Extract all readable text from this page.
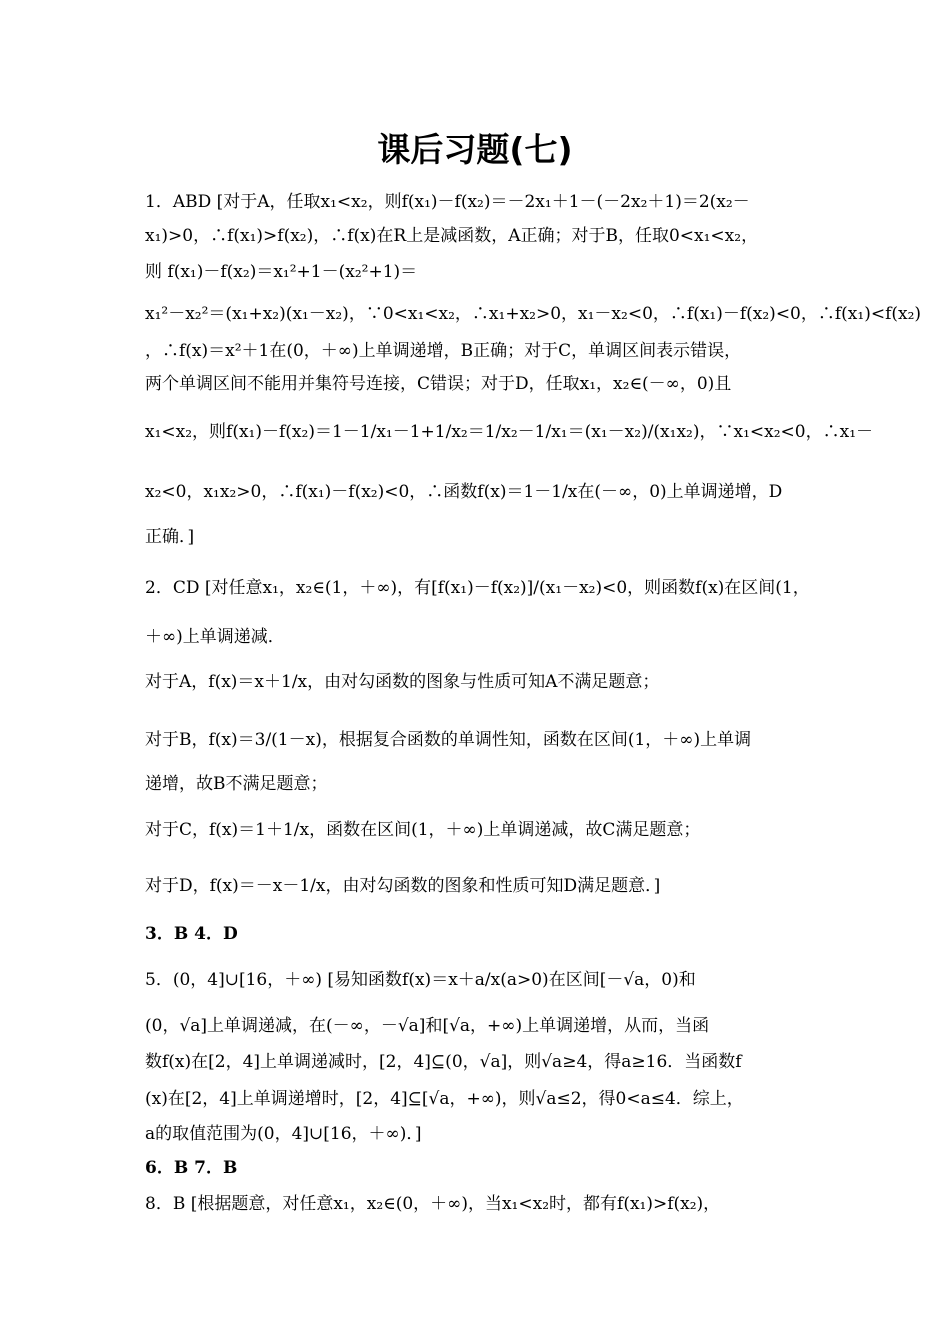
课后习题(七)
1．ABD [对于A，任取x₁<x₂，则f(x₁)－f(x₂)＝－2x₁＋1－(－2x₂＋1)＝2(x₂－
x₁)>0，∴f(x₁)>f(x₂)，∴f(x)在R上是减函数，A正确；对于B，任取0<x₁<x₂，
则 f(x₁)－f(x₂)＝x₁²+1－(x₂²+1)＝
x₁²－x₂²＝(x₁+x₂)(x₁－x₂)，∵0<x₁<x₂，∴x₁+x₂>0，x₁－x₂<0，∴f(x₁)－f(x₂)<0，∴f(x₁)<f(x₂)
，∴f(x)＝x²＋1在(0，＋∞)上单调递增，B正确；对于C，单调区间表示错误，
两个单调区间不能用并集符号连接，C错误；对于D，任取x₁，x₂∈(－∞，0)且
x₁<x₂，则f(x₁)－f(x₂)＝1－1/x₁－1+1/x₂＝1/x₂－1/x₁＝(x₁－x₂)/(x₁x₂)，∵x₁<x₂<0，∴x₁－
x₂<0，x₁x₂>0，∴f(x₁)－f(x₂)<0，∴函数f(x)＝1－1/x在(－∞，0)上单调递增，D
正确．]
2．CD [对任意x₁，x₂∈(1，＋∞)，有[f(x₁)－f(x₂)]/(x₁－x₂)<0，则函数f(x)在区间(1，
＋∞)上单调递减．
对于A，f(x)＝x＋1/x，由对勾函数的图象与性质可知A不满足题意；
对于B，f(x)＝3/(1－x)，根据复合函数的单调性知，函数在区间(1，＋∞)上单调
递增，故B不满足题意；
对于C，f(x)＝1＋1/x，函数在区间(1，＋∞)上单调递减，故C满足题意；
对于D，f(x)＝－x－1/x，由对勾函数的图象和性质可知D满足题意．]
3．B 4．D
5．(0，4]∪[16，＋∞) [易知函数f(x)＝x＋a/x(a>0)在区间[－√a，0)和
(0，√a]上单调递减，在(－∞，－√a]和[√a，+∞)上单调递增，从而，当函
数f(x)在[2，4]上单调递减时，[2，4]⊆(0，√a]，则√a≥4，得a≥16．当函数f
(x)在[2，4]上单调递增时，[2，4]⊆[√a，+∞)，则√a≤2，得0<a≤4．综上，
a的取值范围为(0，4]∪[16，＋∞)．]
6．B 7．B
8．B [根据题意，对任意x₁，x₂∈(0，＋∞)，当x₁<x₂时，都有f(x₁)>f(x₂)，
